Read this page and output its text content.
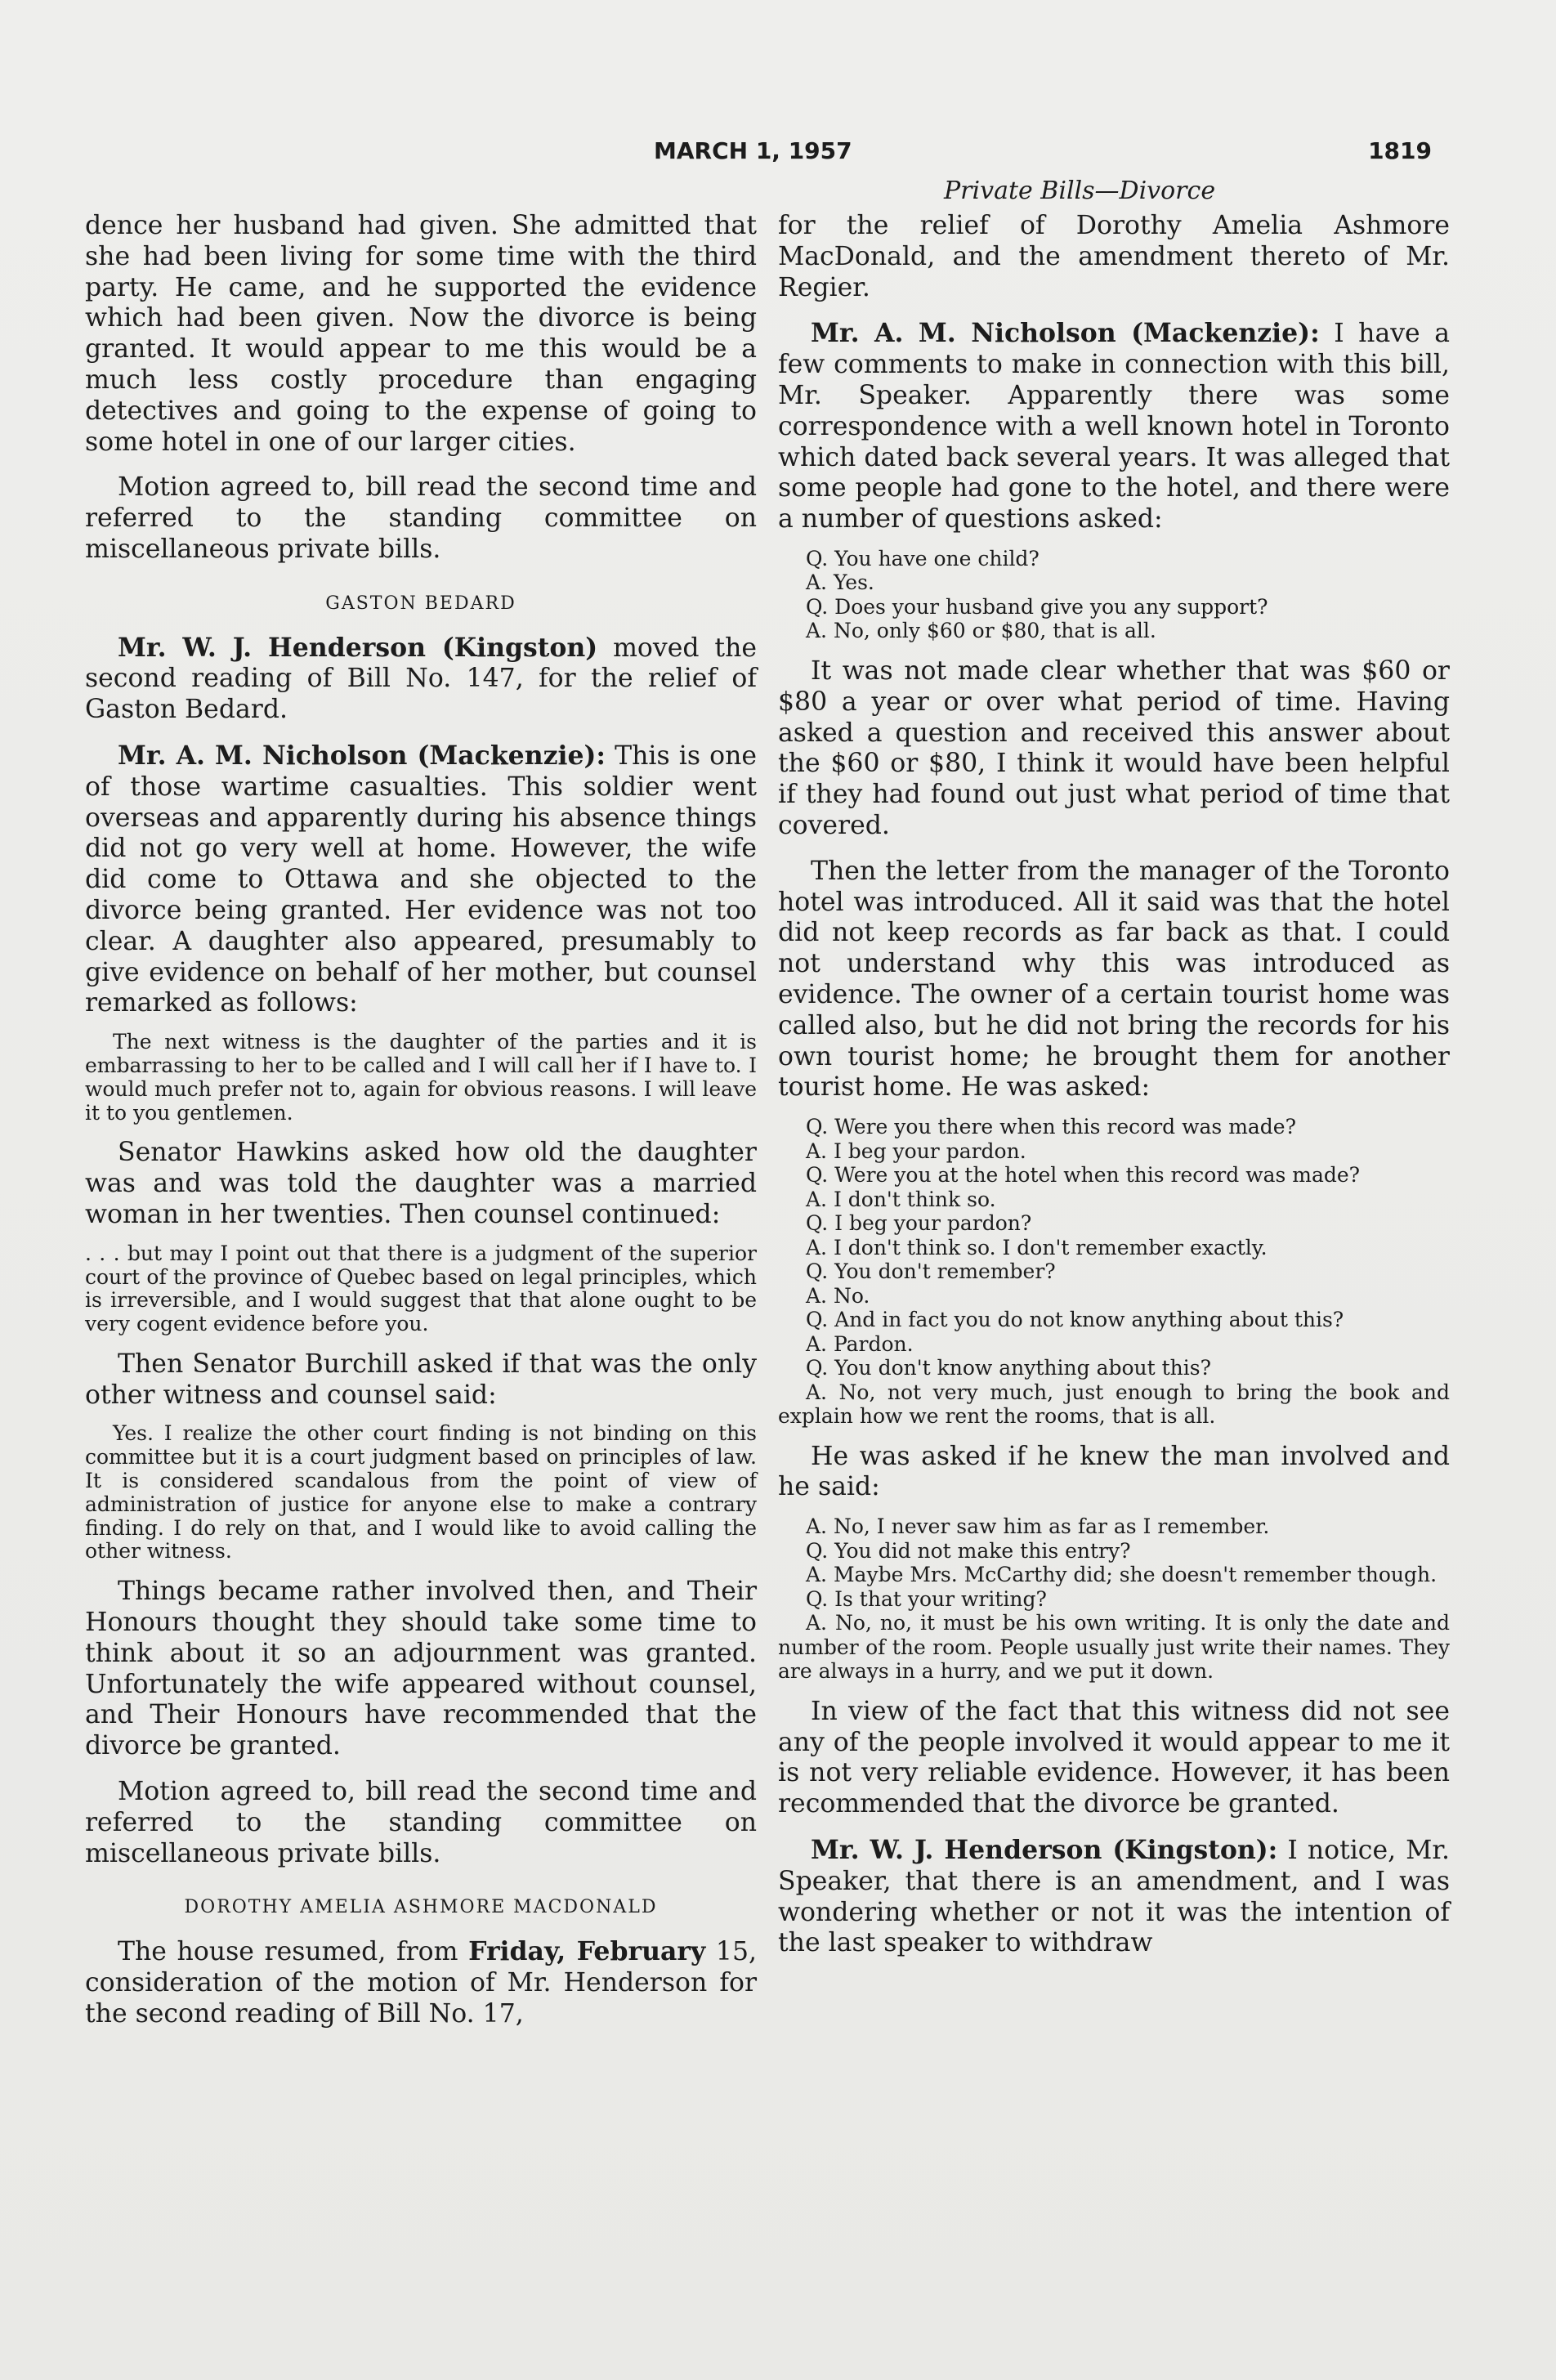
MARCH 1, 1957	1819
Private Bills—Divorce

dence her husband had given. She admitted that she had been living for some time with the third party. He came, and he supported the evidence which had been given. Now the divorce is being granted. It would appear to me this would be a much less costly procedure than engaging detectives and going to the expense of going to some hotel in one of our larger cities.

Motion agreed to, bill read the second time and referred to the standing committee on miscellaneous private bills.

GASTON BEDARD

Mr. W. J. Henderson (Kingston) moved the second reading of Bill No. 147, for the relief of Gaston Bedard.

Mr. A. M. Nicholson (Mackenzie): This is one of those wartime casualties. This soldier went overseas and apparently during his absence things did not go very well at home. However, the wife did come to Ottawa and she objected to the divorce being granted. Her evidence was not too clear. A daughter also appeared, presumably to give evidence on behalf of her mother, but counsel remarked as follows:

The next witness is the daughter of the parties and it is embarrassing to her to be called and I will call her if I have to. I would much prefer not to, again for obvious reasons. I will leave it to you gentlemen.

Senator Hawkins asked how old the daughter was and was told the daughter was a married woman in her twenties. Then counsel continued:

. . . but may I point out that there is a judgment of the superior court of the province of Quebec based on legal principles, which is irreversible, and I would suggest that that alone ought to be very cogent evidence before you.

Then Senator Burchill asked if that was the only other witness and counsel said:

Yes. I realize the other court finding is not binding on this committee but it is a court judgment based on principles of law. It is considered scandalous from the point of view of administration of justice for anyone else to make a contrary finding. I do rely on that, and I would like to avoid calling the other witness.

Things became rather involved then, and Their Honours thought they should take some time to think about it so an adjournment was granted. Unfortunately the wife appeared without counsel, and Their Honours have recommended that the divorce be granted.

Motion agreed to, bill read the second time and referred to the standing committee on miscellaneous private bills.

DOROTHY AMELIA ASHMORE MACDONALD

The house resumed, from Friday, February 15, consideration of the motion of Mr. Henderson for the second reading of Bill No. 17,

for the relief of Dorothy Amelia Ashmore MacDonald, and the amendment thereto of Mr. Regier.

Mr. A. M. Nicholson (Mackenzie): I have a few comments to make in connection with this bill, Mr. Speaker. Apparently there was some correspondence with a well known hotel in Toronto which dated back several years. It was alleged that some people had gone to the hotel, and there were a number of questions asked:

Q. You have one child?
A. Yes.
Q. Does your husband give you any support?
A. No, only $60 or $80, that is all.

It was not made clear whether that was $60 or $80 a year or over what period of time. Having asked a question and received this answer about the $60 or $80, I think it would have been helpful if they had found out just what period of time that covered.

Then the letter from the manager of the Toronto hotel was introduced. All it said was that the hotel did not keep records as far back as that. I could not understand why this was introduced as evidence. The owner of a certain tourist home was called also, but he did not bring the records for his own tourist home; he brought them for another tourist home. He was asked:

Q. Were you there when this record was made?
A. I beg your pardon.
Q. Were you at the hotel when this record was made?
A. I don't think so.
Q. I beg your pardon?
A. I don't think so. I don't remember exactly.
Q. You don't remember?
A. No.
Q. And in fact you do not know anything about this?
A. Pardon.
Q. You don't know anything about this?
A. No, not very much, just enough to bring the book and explain how we rent the rooms, that is all.

He was asked if he knew the man involved and he said:

A. No, I never saw him as far as I remember.
Q. You did not make this entry?
A. Maybe Mrs. McCarthy did; she doesn't remember though.
Q. Is that your writing?
A. No, no, it must be his own writing. It is only the date and number of the room. People usually just write their names. They are always in a hurry, and we put it down.

In view of the fact that this witness did not see any of the people involved it would appear to me it is not very reliable evidence. However, it has been recommended that the divorce be granted.

Mr. W. J. Henderson (Kingston): I notice, Mr. Speaker, that there is an amendment, and I was wondering whether or not it was the intention of the last speaker to withdraw
